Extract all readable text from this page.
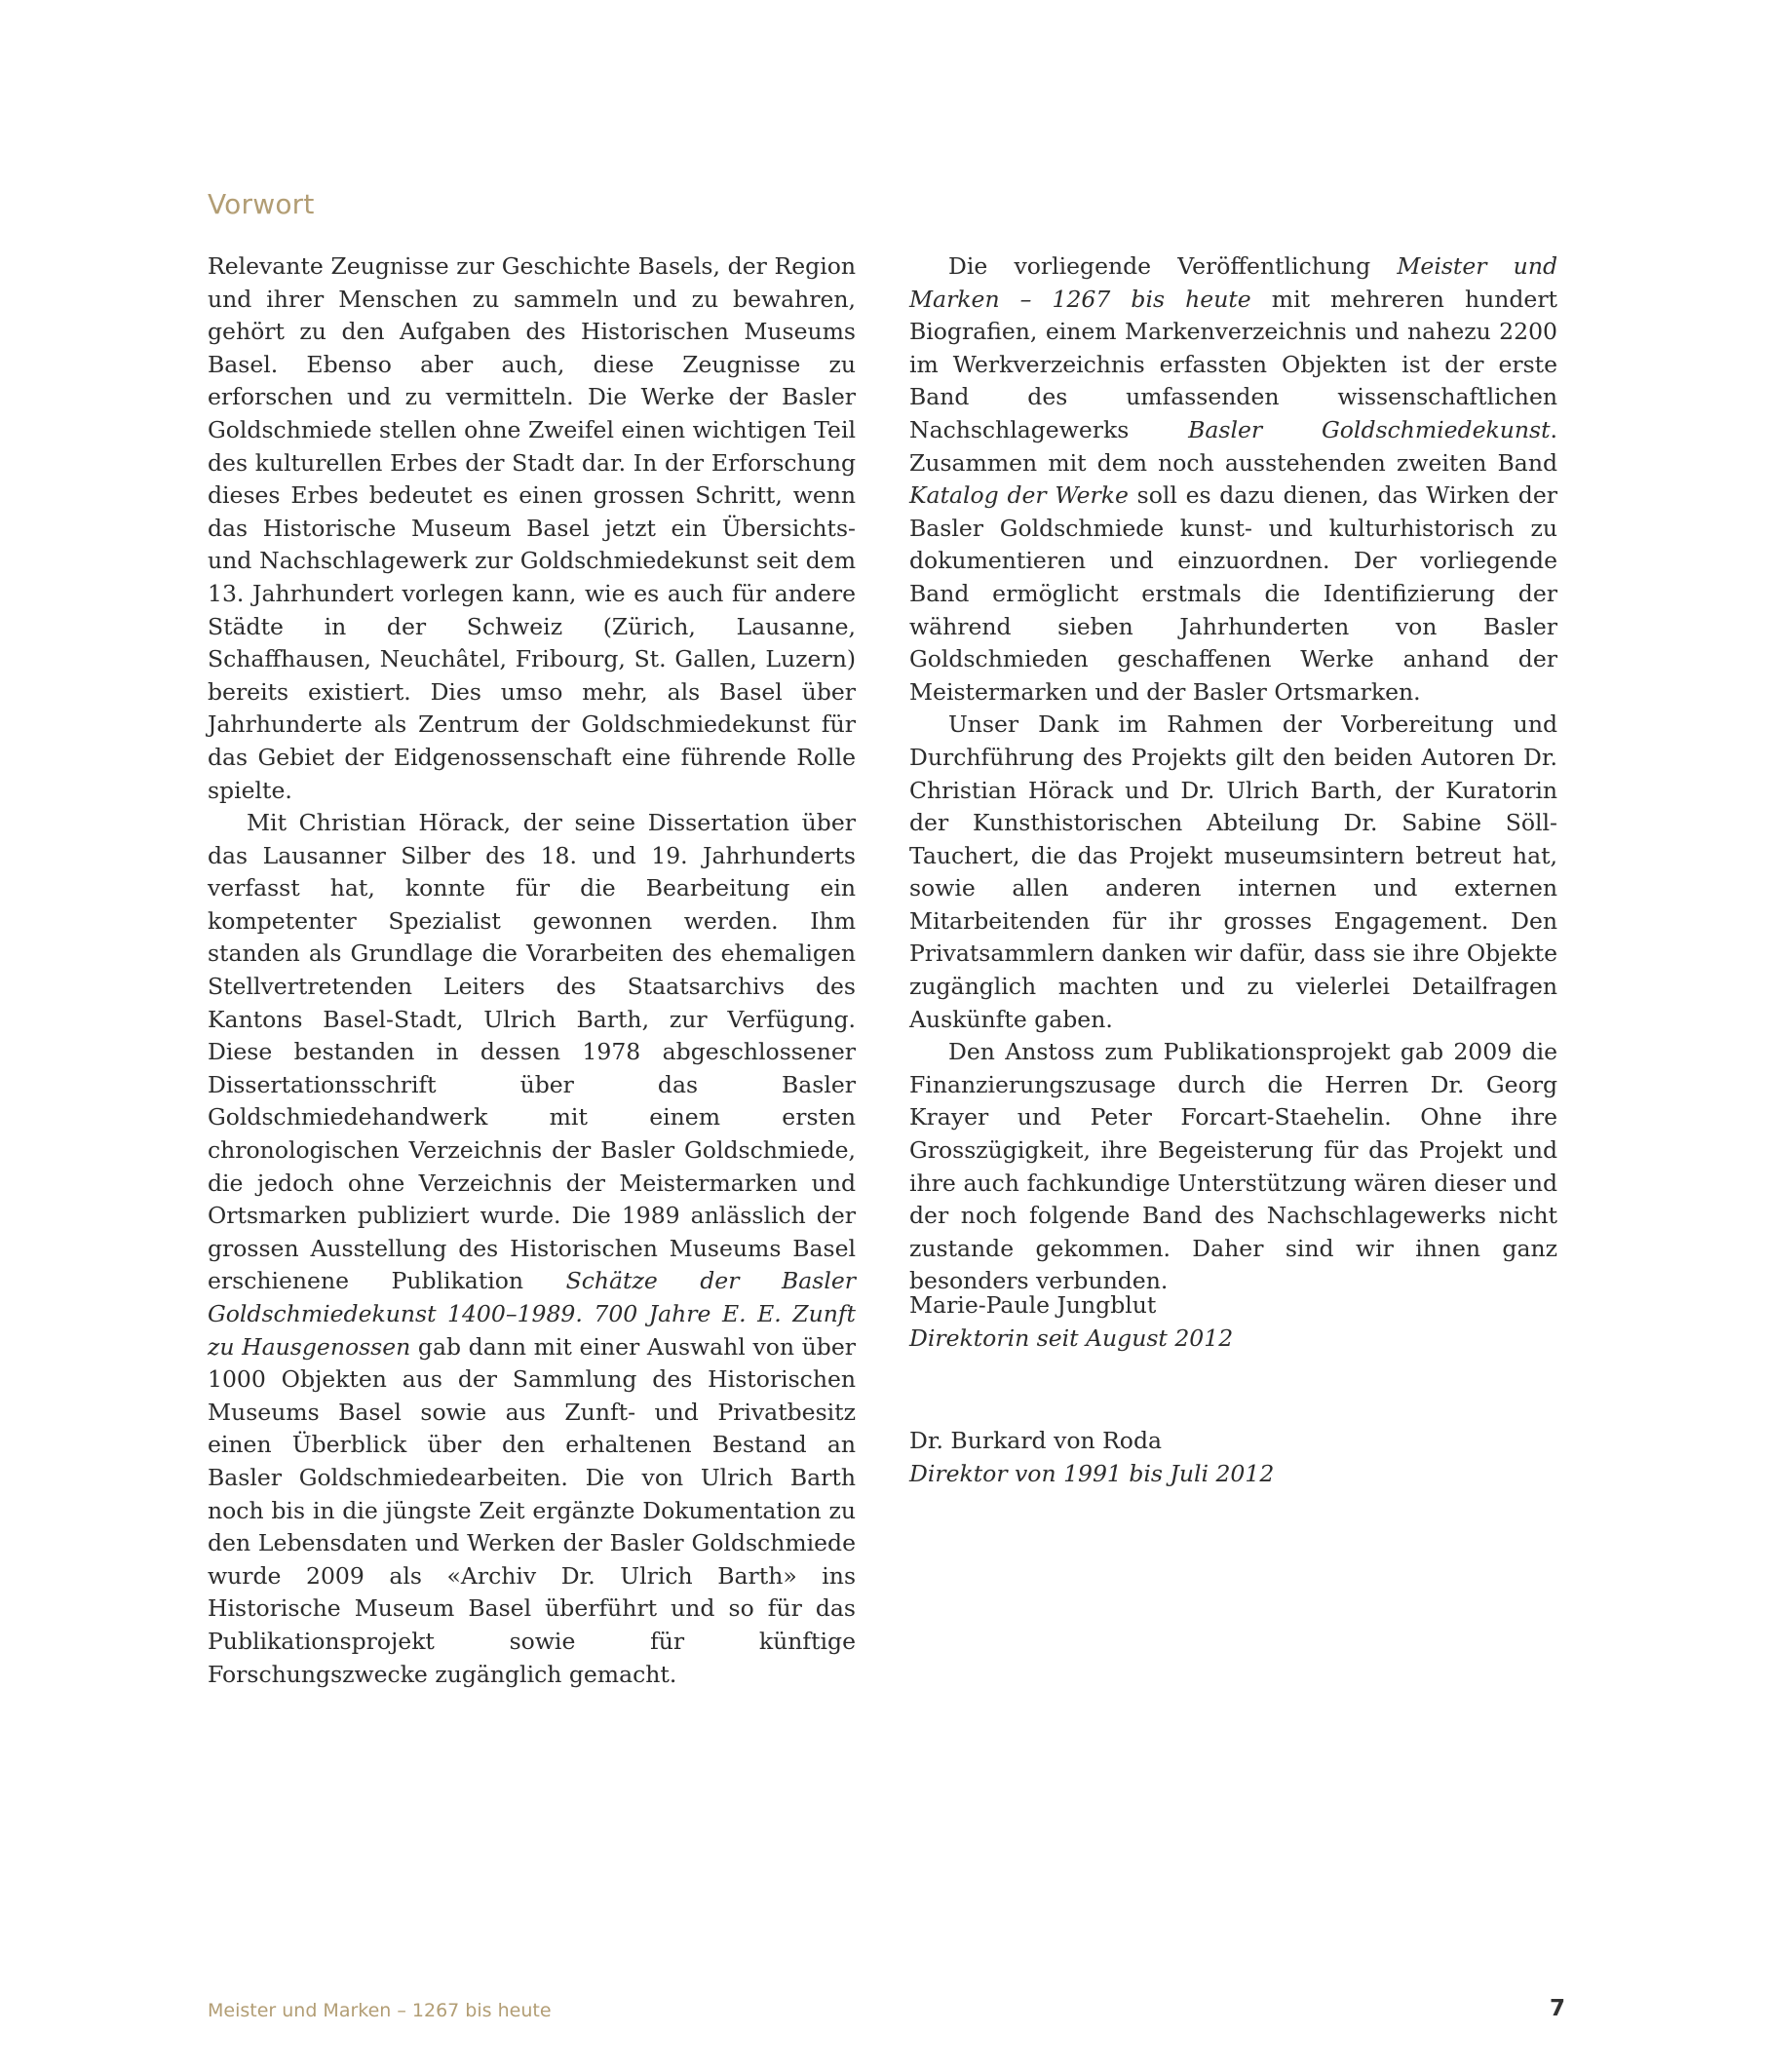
Vorwort

Relevante Zeugnisse zur Geschichte Basels, der Region und ihrer Menschen zu sammeln und zu bewahren, gehört zu den Aufgaben des Historischen Museums Basel. Ebenso aber auch, diese Zeugnisse zu erforschen und zu vermitteln. Die Werke der Basler Goldschmiede stellen ohne Zweifel einen wichtigen Teil des kulturellen Erbes der Stadt dar. In der Erforschung dieses Erbes bedeutet es einen grossen Schritt, wenn das Historische Museum Basel jetzt ein Übersichts- und Nachschlagewerk zur Goldschmiedekunst seit dem 13. Jahrhundert vorlegen kann, wie es auch für andere Städte in der Schweiz (Zürich, Lausanne, Schaffhausen, Neuchâtel, Fribourg, St. Gallen, Luzern) bereits existiert. Dies umso mehr, als Basel über Jahrhunderte als Zentrum der Goldschmiedekunst für das Gebiet der Eidgenossenschaft eine führende Rolle spielte.

Mit Christian Hörack, der seine Dissertation über das Lausanner Silber des 18. und 19. Jahrhunderts verfasst hat, konnte für die Bearbeitung ein kompetenter Spezialist gewonnen werden. Ihm standen als Grundlage die Vorarbeiten des ehemaligen Stellvertretenden Leiters des Staatsarchivs des Kantons Basel-Stadt, Ulrich Barth, zur Verfügung. Diese bestanden in dessen 1978 abgeschlossener Dissertationsschrift über das Basler Goldschmiedehandwerk mit einem ersten chronologischen Verzeichnis der Basler Goldschmiede, die jedoch ohne Verzeichnis der Meistermarken und Ortsmarken publiziert wurde. Die 1989 anlässlich der grossen Ausstellung des Historischen Museums Basel erschienene Publikation Schätze der Basler Goldschmiedekunst 1400–1989. 700 Jahre E. E. Zunft zu Hausgenossen gab dann mit einer Auswahl von über 1000 Objekten aus der Sammlung des Historischen Museums Basel sowie aus Zunft- und Privatbesitz einen Überblick über den erhaltenen Bestand an Basler Goldschmiedearbeiten. Die von Ulrich Barth noch bis in die jüngste Zeit ergänzte Dokumentation zu den Lebensdaten und Werken der Basler Goldschmiede wurde 2009 als «Archiv Dr. Ulrich Barth» ins Historische Museum Basel überführt und so für das Publikationsprojekt sowie für künftige Forschungszwecke zugänglich gemacht.

Die vorliegende Veröffentlichung Meister und Marken – 1267 bis heute mit mehreren hundert Biografien, einem Markenverzeichnis und nahezu 2200 im Werkverzeichnis erfassten Objekten ist der erste Band des umfassenden wissenschaftlichen Nachschlagewerks Basler Goldschmiedekunst. Zusammen mit dem noch ausstehenden zweiten Band Katalog der Werke soll es dazu dienen, das Wirken der Basler Goldschmiede kunst- und kulturhistorisch zu dokumentieren und einzuordnen. Der vorliegende Band ermöglicht erstmals die Identifizierung der während sieben Jahrhunderten von Basler Goldschmieden geschaffenen Werke anhand der Meistermarken und der Basler Ortsmarken.

Unser Dank im Rahmen der Vorbereitung und Durchführung des Projekts gilt den beiden Autoren Dr. Christian Hörack und Dr. Ulrich Barth, der Kuratorin der Kunsthistorischen Abteilung Dr. Sabine Söll-Tauchert, die das Projekt museumsintern betreut hat, sowie allen anderen internen und externen Mitarbeitenden für ihr grosses Engagement. Den Privatsammlern danken wir dafür, dass sie ihre Objekte zugänglich machten und zu vielerlei Detailfragen Auskünfte gaben.

Den Anstoss zum Publikationsprojekt gab 2009 die Finanzierungszusage durch die Herren Dr. Georg Krayer und Peter Forcart-Staehelin. Ohne ihre Grosszügigkeit, ihre Begeisterung für das Projekt und ihre auch fachkundige Unterstützung wären dieser und der noch folgende Band des Nachschlagewerks nicht zustande gekommen. Daher sind wir ihnen ganz besonders verbunden.

Marie-Paule Jungblut
Direktorin seit August 2012
Dr. Burkard von Roda
Direktor von 1991 bis Juli 2012
Meister und Marken – 1267 bis heute	7
